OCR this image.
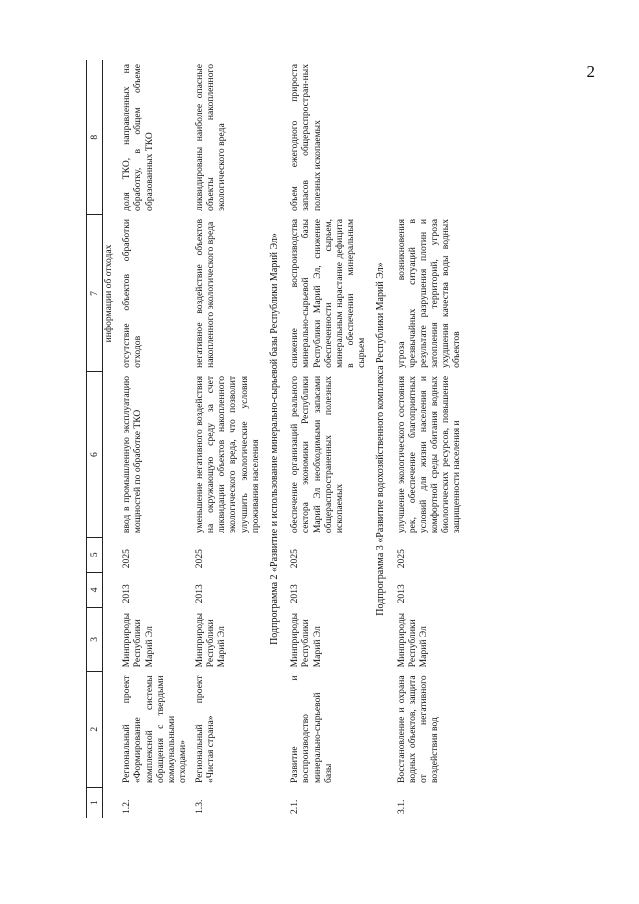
2
1	2	3	4	5	6	7	8
						информации об отходах	
1.2.	Региональный проект «Формирование комплексной системы обращения с твердыми коммунальными отходами»	Минприроды Республики Марий Эл	2013	2025	ввод в промышленную эксплуатацию мощностей по обработке ТКО	отсутствие объектов обработки отходов	доля ТКО, направленных на обработку, в общем объеме образованных ТКО
1.3.	Региональный проект «Чистая страна»	Минприроды Республики Марий Эл	2013	2025	уменьшение негативного воздействия на окружающую среду за счет ликвидации объектов накопленного экологического вреда, что позволит улучшить экологические условия проживания населения	негативное воздействие объектов накопленного экологического вреда	ликвидированы наиболее опасные объекты накопленного экологического вреда
Подпрограмма 2 «Развитие и использование минерально-сырьевой базы Республики Марий Эл»							
2.1.	Развитие и воспроизводство минерально-сырьевой базы	Минприроды Республики Марий Эл	2013	2025	обеспечение организаций реального сектора экономики Республики Марий Эл необходимыми запасами общераспространенных полезных ископаемых	снижение воспроизводства минерально-сырьевой базы Республики Марий Эл, снижение обеспеченности сырьем, минеральным нарастание дефицита в обеспечении минеральным сырьем	объем ежегодного прироста запасов общераспростран-ных полезных ископаемых
Подпрограмма 3 «Развитие водохозяйственного комплекса Республики Марий Эл»							
3.1.	Восстановление и охрана водных объектов, защита от негативного воздействия вод	Минприроды Республики Марий Эл	2013	2025	улучшение экологического состояния рек, обеспечение благоприятных условий для жизни населения и комфортной среды обитания водных биологических ресурсов, повышение защищенности населения и	угроза возникновения чрезвычайных ситуаций в результате разрушения плотин и затопления территорий, угроза ухудшения качества воды водных объектов	
